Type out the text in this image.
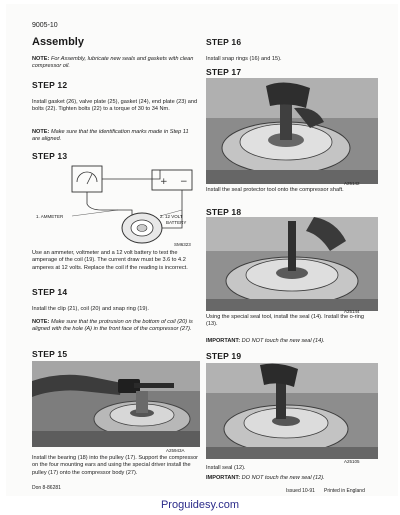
9005-10
Assembly
NOTE: For Assembly, lubricate new seals and gaskets with clean compressor oil.
STEP 12
Install gasket (26), valve plate (25), gasket (24), end plate (23) and bolts (22). Tighten bolts (22) to a torque of 30 to 34 Nm.
NOTE: Make sure that the identification marks made in Step 11 are aligned.
STEP 13
+ −
1. AMMETER	2. 12 VOLT
BATTERY
SM6323
Use an ammeter, voltmeter and a 12 volt battery to test the amperage of the coil (19). The current draw must be 3.6 to 4.2 amperes at 12 volts. Replace the coil if the reading is incorrect.
STEP 14
Install the clip (21), coil (20) and snap ring (19).
NOTE: Make sure that the protrusion on the bottom of coil (20) is aligned with the hole (A) in the front face of the compressor (27).
STEP 15
A25943A
Install the bearing (18) into the pulley (17). Support the compressor on the four mounting ears and using the special driver install the pulley (17) onto the compressor body (27).
Don 8-86281
STEP 16
Install snap rings (16) and 15).
STEP 17
A25142
Install the seal protector tool onto the compressor shaft.
STEP 18
A25144
Using the special seal tool, install the seal (14). Install the o-ring (13).
IMPORTANT: DO NOT touch the new seal (14).
STEP 19
A25105
Install seal (12).
IMPORTANT: DO NOT touch the new seal (12).
Issued 10-91 Printed in England
Proguidesy.com
